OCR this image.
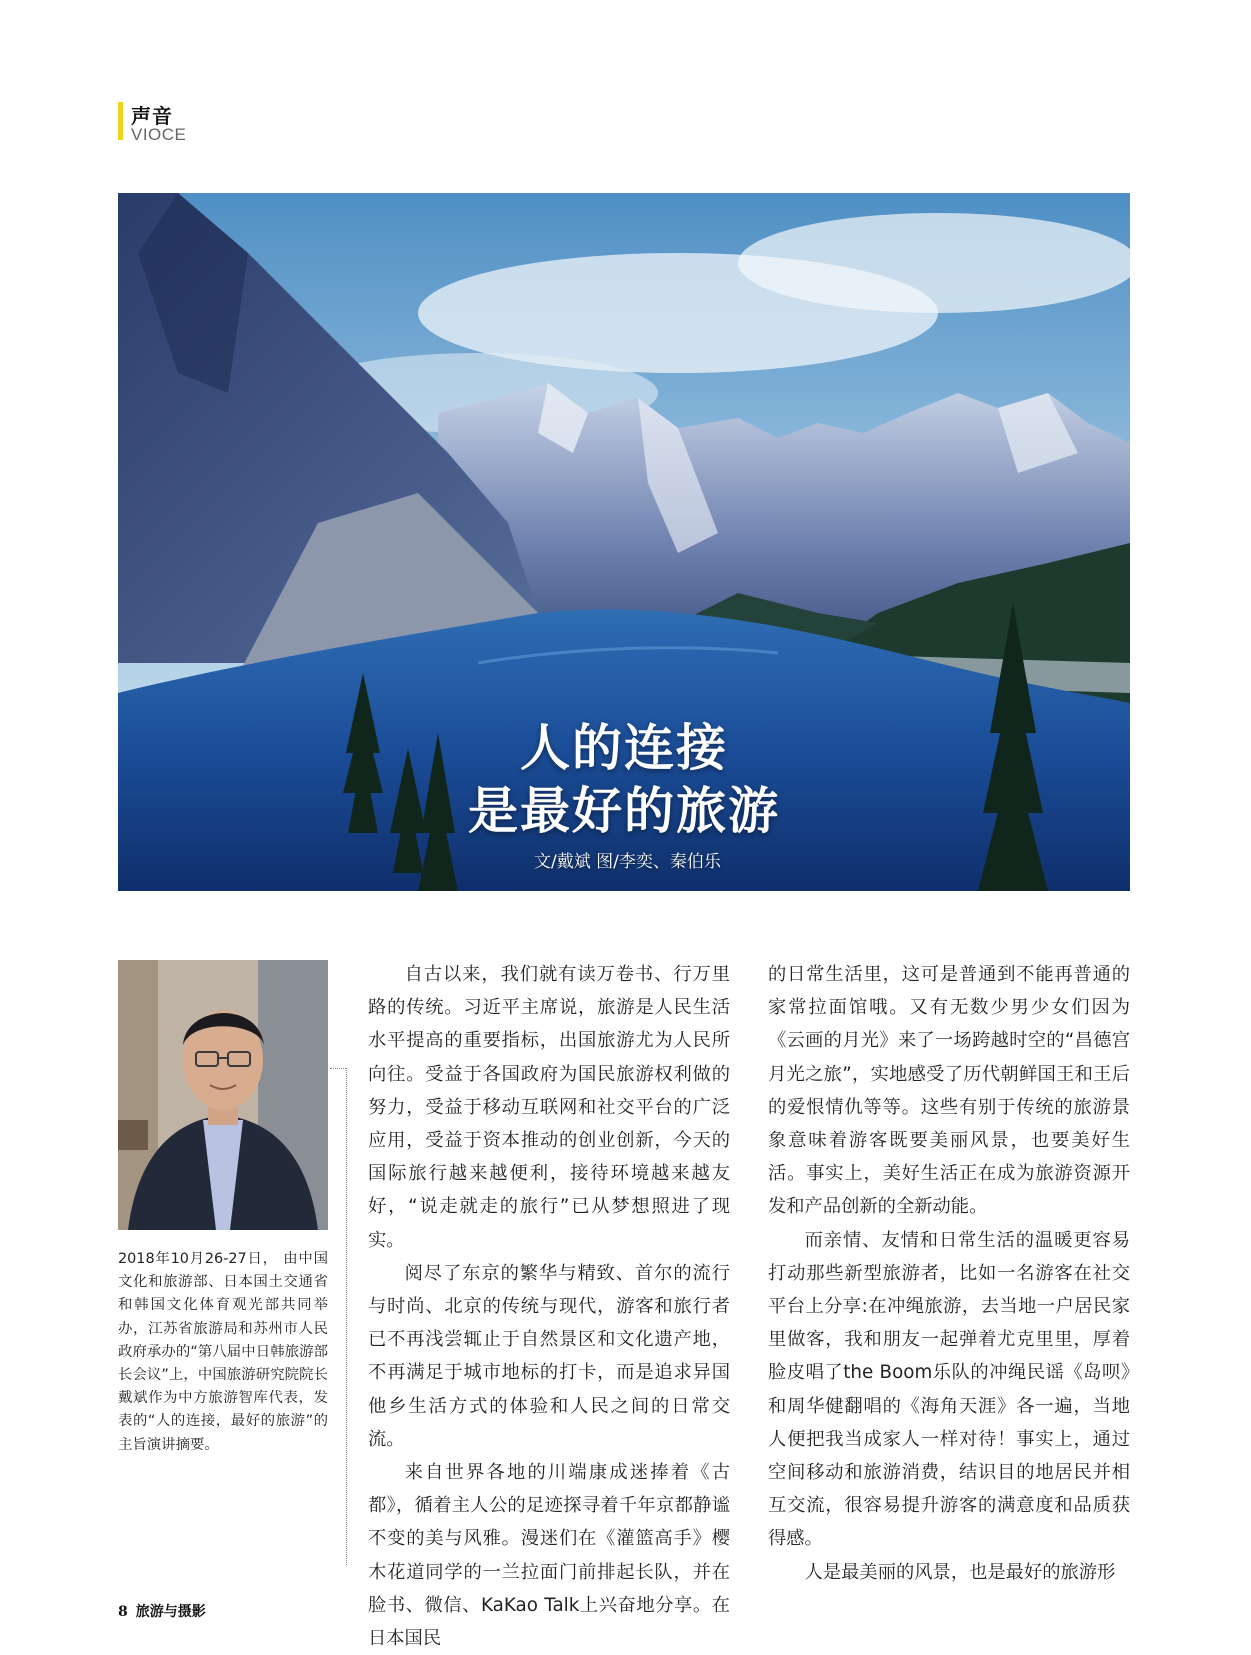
声音
VIOCE
人的连接
是最好的旅游
文/戴斌 图/李奕、秦伯乐
2018年10月26-27日， 由中国文化和旅游部、日本国土交通省和韩国文化体育观光部共同举办，江苏省旅游局和苏州市人民政府承办的“第八届中日韩旅游部长会议”上，中国旅游研究院院长戴斌作为中方旅游智库代表，发表的“人的连接，最好的旅游”的主旨演讲摘要。

自古以来，我们就有读万卷书、行万里路的传统。习近平主席说，旅游是人民生活水平提高的重要指标，出国旅游尤为人民所向往。受益于各国政府为国民旅游权利做的努力，受益于移动互联网和社交平台的广泛应用，受益于资本推动的创业创新，今天的国际旅行越来越便利，接待环境越来越友好，“说走就走的旅行”已从梦想照进了现实。

阅尽了东京的繁华与精致、首尔的流行与时尚、北京的传统与现代，游客和旅行者已不再浅尝辄止于自然景区和文化遗产地，不再满足于城市地标的打卡，而是追求异国他乡生活方式的体验和人民之间的日常交流。

来自世界各地的川端康成迷捧着《古都》，循着主人公的足迹探寻着千年京都静谧不变的美与风雅。漫迷们在《灌篮高手》樱木花道同学的一兰拉面门前排起长队，并在脸书、微信、KaKao Talk上兴奋地分享。在日本国民

的日常生活里，这可是普通到不能再普通的家常拉面馆哦。又有无数少男少女们因为《云画的月光》来了一场跨越时空的“昌德宫月光之旅”，实地感受了历代朝鲜国王和王后的爱恨情仇等等。这些有别于传统的旅游景象意味着游客既要美丽风景，也要美好生活。事实上，美好生活正在成为旅游资源开发和产品创新的全新动能。

而亲情、友情和日常生活的温暖更容易打动那些新型旅游者，比如一名游客在社交平台上分享:在冲绳旅游，去当地一户居民家里做客，我和朋友一起弹着尤克里里，厚着脸皮唱了the Boom乐队的冲绳民谣《岛呗》和周华健翻唱的《海角天涯》各一遍，当地人便把我当成家人一样对待！事实上，通过空间移动和旅游消费，结识目的地居民并相互交流，很容易提升游客的满意度和品质获得感。

人是最美丽的风景，也是最好的旅游形

8 旅游与摄影
